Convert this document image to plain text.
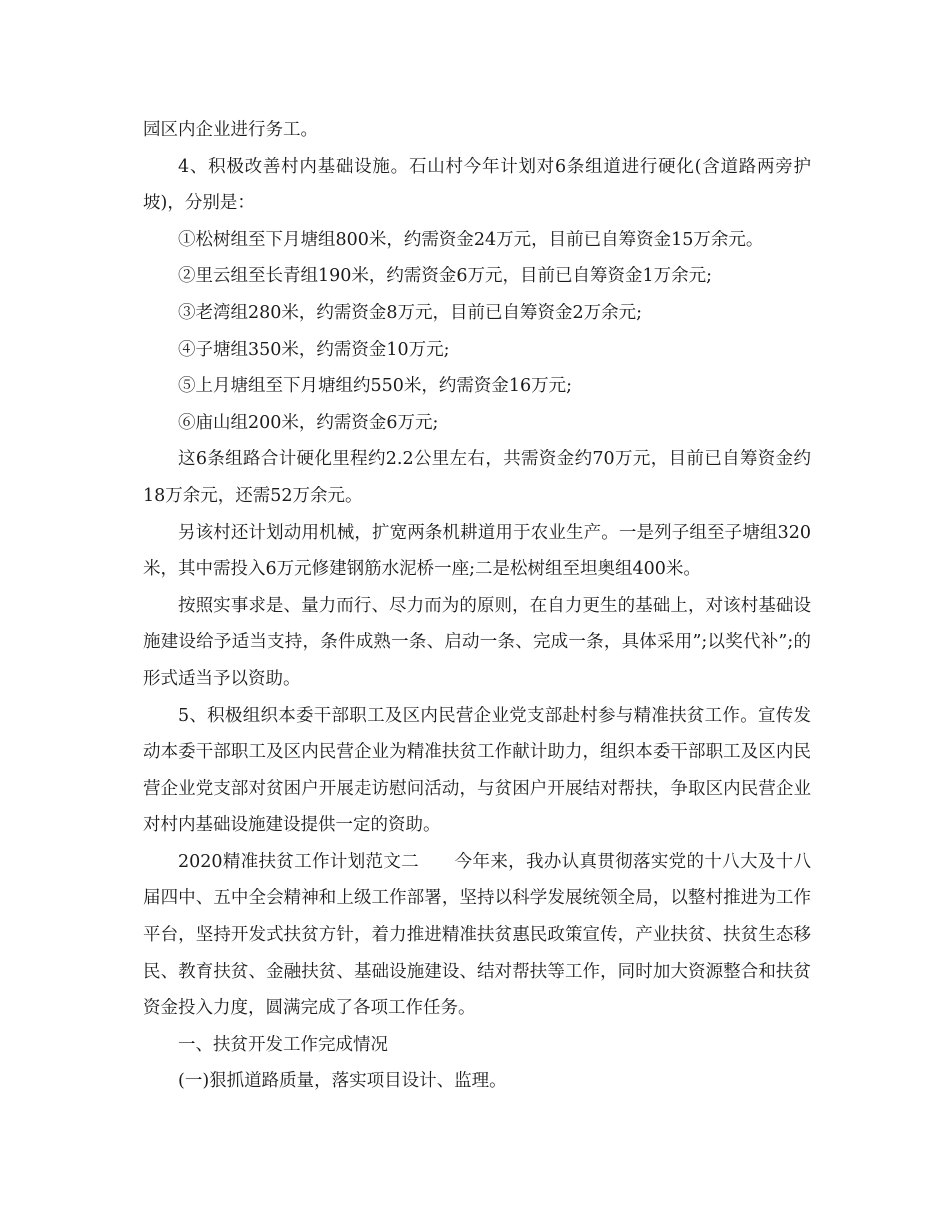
园区内企业进行务工。

4、积极改善村内基础设施。石山村今年计划对6条组道进行硬化(含道路两旁护坡)，分别是：

①松树组至下月塘组800米，约需资金24万元，目前已自筹资金15万余元。

②里云组至长青组190米，约需资金6万元，目前已自筹资金1万余元;

③老湾组280米，约需资金8万元，目前已自筹资金2万余元;

④子塘组350米，约需资金10万元;

⑤上月塘组至下月塘组约550米，约需资金16万元;

⑥庙山组200米，约需资金6万元;

这6条组路合计硬化里程约2.2公里左右，共需资金约70万元，目前已自筹资金约18万余元，还需52万余元。

另该村还计划动用机械，扩宽两条机耕道用于农业生产。一是列子组至子塘组320米，其中需投入6万元修建钢筋水泥桥一座;二是松树组至坦奥组400米。

按照实事求是、量力而行、尽力而为的原则，在自力更生的基础上，对该村基础设施建设给予适当支持，条件成熟一条、启动一条、完成一条，具体采用”;以奖代补”;的形式适当予以资助。

5、积极组织本委干部职工及区内民营企业党支部赴村参与精准扶贫工作。宣传发动本委干部职工及区内民营企业为精准扶贫工作献计助力，组织本委干部职工及区内民营企业党支部对贫困户开展走访慰问活动，与贫困户开展结对帮扶，争取区内民营企业对村内基础设施建设提供一定的资助。

2020精准扶贫工作计划范文二　　今年来，我办认真贯彻落实党的十八大及十八届四中、五中全会精神和上级工作部署，坚持以科学发展统领全局，以整村推进为工作平台，坚持开发式扶贫方针，着力推进精准扶贫惠民政策宣传，产业扶贫、扶贫生态移民、教育扶贫、金融扶贫、基础设施建设、结对帮扶等工作，同时加大资源整合和扶贫资金投入力度，圆满完成了各项工作任务。

一、扶贫开发工作完成情况

(一)狠抓道路质量，落实项目设计、监理。
